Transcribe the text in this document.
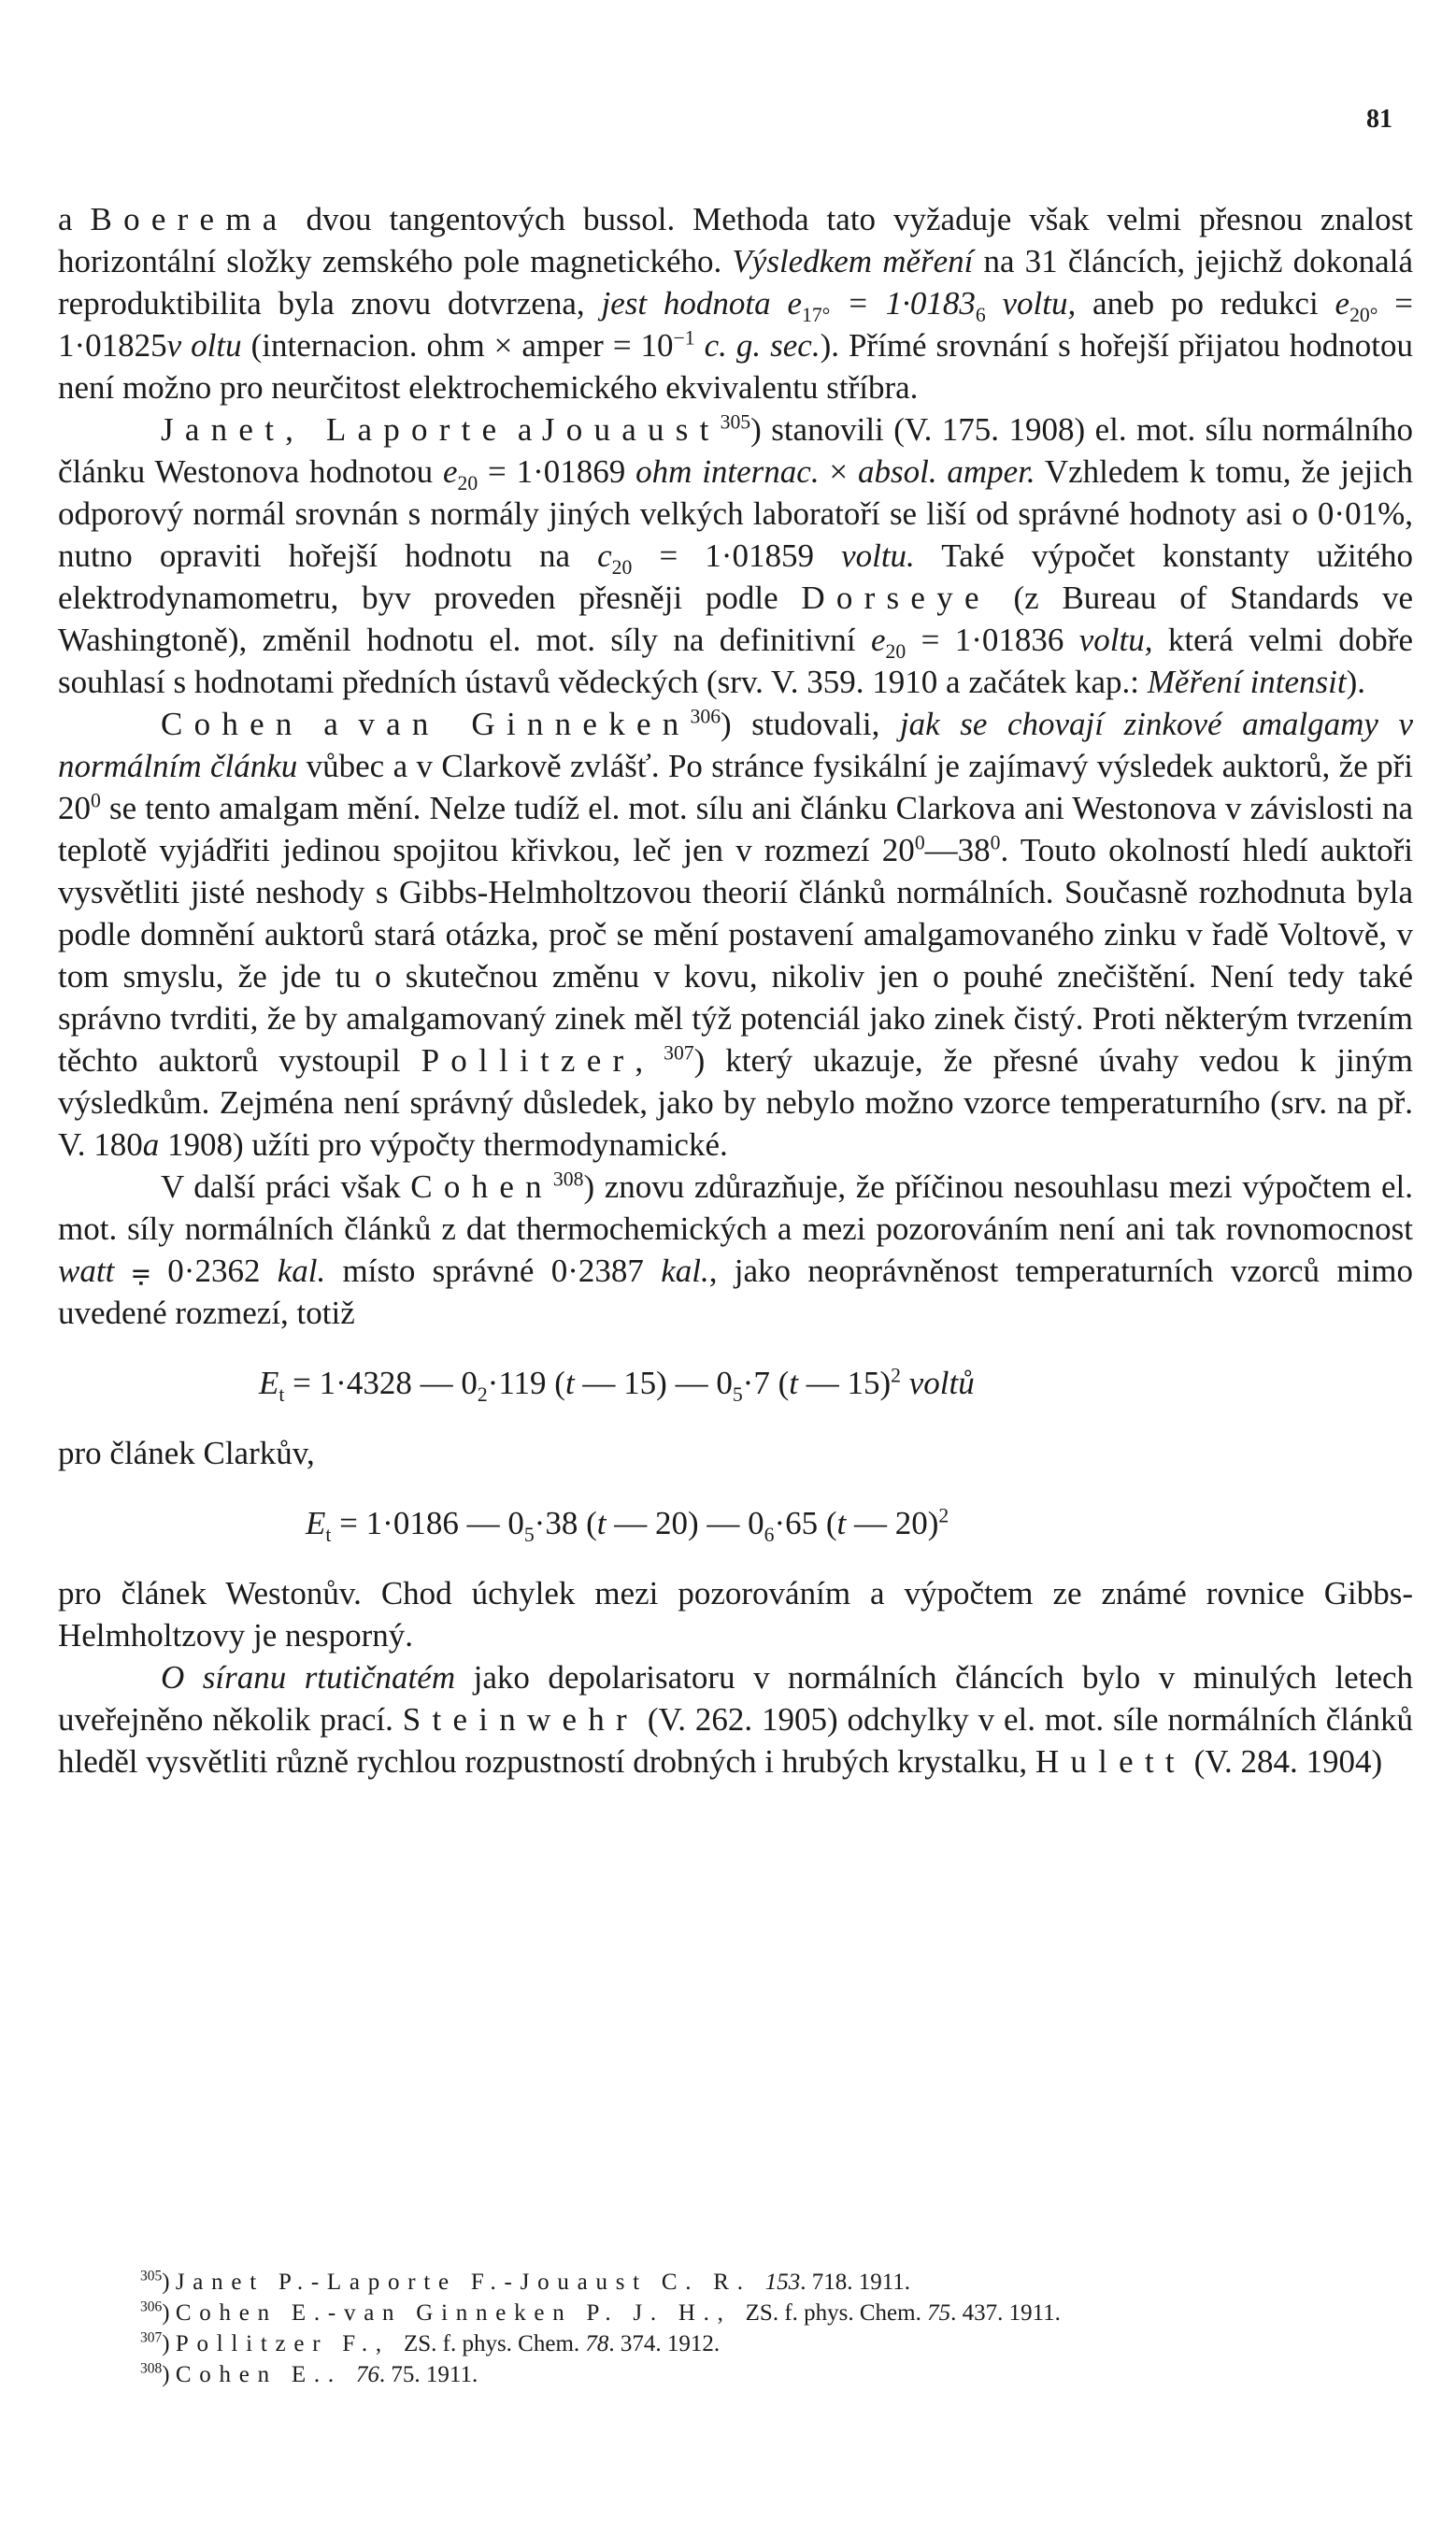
81
a Boerema dvou tangentových bussol. Methoda tato vyžaduje však velmi přesnou znalost horizontální složky zemského pole magnetického. Výsledkem měření na 31 článcích, jejichž dokonalá reproduktibilita byla znovu dotvrzena, jest hodnota $e_{17^\circ} = 1\cdot 0183_6$ voltu, aneb po redukci $e_{20^\circ} = 1\cdot 01825v$ oltu (internacion. ohm × amper = $10^{-1}$ c. g. sec.). Přímé srovnání s hořejší přijatou hodnotou není možno pro neurčitost elektrochemického ekvivalentu stříbra.
Janet, Laporte a Jouaust$^{305}$) stanovili (V. 175. 1908) el. mot. sílu normálního článku Westonova hodnotou $e_{20} = 1\cdot 01869$ ohm internac. × absol. amper. Vzhledem k tomu, že jejich odporový normál srovnán s normály jiných velkých laboratoří se liší od správné hodnoty asi o 0·01%, nutno opraviti hořejší hodnotu na $c_{20} = 1\cdot 01859$ voltu. Také výpočet konstanty užitého elektrodynamometru, byv proveden přesněji podle Dorseye (z Bureau of Standards ve Washingtoně), změnil hodnotu el. mot. síly na definitivní $e_{20} = 1\cdot 01836$ voltu, která velmi dobře souhlasí s hodnotami předních ústavů vědeckých (srv. V. 359. 1910 a začátek kap.: Měření intensit).
Cohen a van Ginneken$^{306}$) studovali, jak se chovají zinkové amalgamy v normálním článku vůbec a v Clarkově zvlášť. Po stránce fysikální je zajímavý výsledek auktorů, že při $20^0$ se tento amalgam mění. Nelze tudíž el. mot. sílu ani článku Clarkova ani Westonova v závislosti na teplotě vyjádřiti jedinou spojitou křivkou, leč jen v rozmezí $20^0—38^0$. Touto okolností hledí auktoři vysvětliti jisté neshody s Gibbs-Helmholtzovou theorií článků normálních. Současně rozhodnuta byla podle domnění auktorů stará otázka, proč se mění postavení amalgamovaného zinku v řadě Voltově, v tom smyslu, že jde tu o skutečnou změnu v kovu, nikoliv jen o pouhé znečištění. Není tedy také správno tvrditi, že by amalgamovaný zinek měl týž potenciál jako zinek čistý. Proti některým tvrzením těchto auktorů vystoupil Pollitzer, $^{307}$) který ukazuje, že přesné úvahy vedou k jiným výsledkům. Zejména není správný důsledek, jako by nebylo možno vzorce temperaturního (srv. na př. V. 180a 1908) užíti pro výpočty thermodynamické.
V další práci však Cohen$^{308}$) znovu zdůrazňuje, že příčinou nesouhlasu mezi výpočtem el. mot. síly normálních článků z dat thermochemických a mezi pozorováním není ani tak rovnomocnost watt ⩦ 0·2362 kal. místo správné 0·2387 kal., jako neoprávněnost temperaturních vzorců mimo uvedené rozmezí, totiž
$E_t = 1\cdot 4328$ — $0_2\cdot 119$ (t — 15) — $0_5\cdot 7$ (t — 15)$^2$ voltů
pro článek Clarkův,
$E_t = 1\cdot 0186$ — $0_5\cdot 38$ (t — 20) — $0_6\cdot 65$ (t — 20)$^2$
pro článek Westonův. Chod úchylek mezi pozorováním a výpočtem ze známé rovnice Gibbs-Helmholtzovy je nesporný.
O síranu rtutičnatém jako depolarisatoru v normálních článcích bylo v minulých letech uveřejněno několik prací. Steinwehr (V. 262. 1905) odchylky v el. mot. síle normálních článků hleděl vysvětliti různě rychlou rozpustností drobných i hrubých krystalku, Hulett (V. 284. 1904)
$^{305}$) Janet P.-Laporte F.-Jouaust C. R. 153. 718. 1911.
$^{306}$) Cohen E.-van Ginneken P. J. H., ZS. f. phys. Chem. 75. 437. 1911.
$^{307}$) Pollitzer F., ZS. f. phys. Chem. 78. 374. 1912.
$^{308}$) Cohen E.. 76. 75. 1911.
